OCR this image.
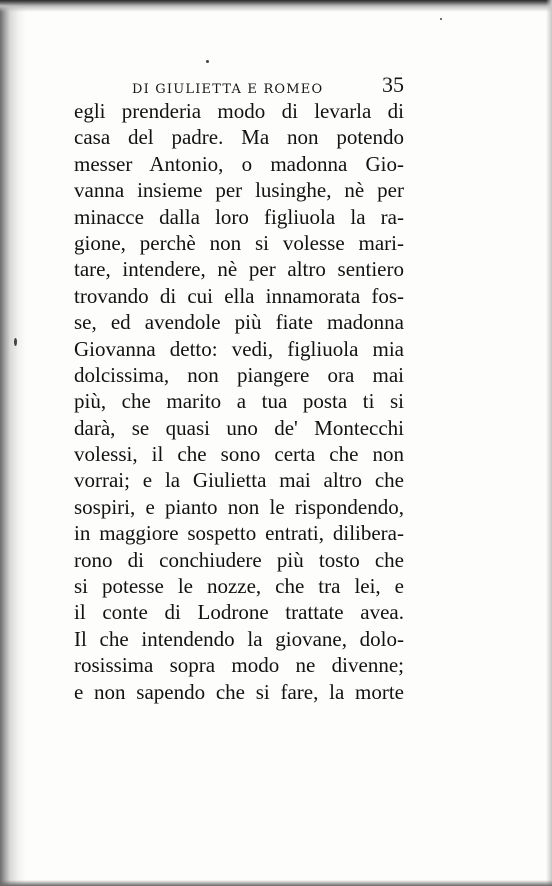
DI GIULIETTA E ROMEO	35
egli prenderia modo di levarla di
casa del padre. Ma non potendo
messer Antonio, o madonna Gio-
vanna insieme per lusinghe, nè per
minacce dalla loro figliuola la ra-
gione, perchè non si volesse mari-
tare, intendere, nè per altro sentiero
trovando di cui ella innamorata fos-
se, ed avendole più fiate madonna
Giovanna detto: vedi, figliuola mia
dolcissima, non piangere ora mai
più, che marito a tua posta ti si
darà, se quasi uno de' Montecchi
volessi, il che sono certa che non
vorrai; e la Giulietta mai altro che
sospiri, e pianto non le rispondendo,
in maggiore sospetto entrati, dilibera-
rono di conchiudere più tosto che
si potesse le nozze, che tra lei, e
il conte di Lodrone trattate avea.
Il che intendendo la giovane, dolo-
rosissima sopra modo ne divenne;
e non sapendo che si fare, la morte
